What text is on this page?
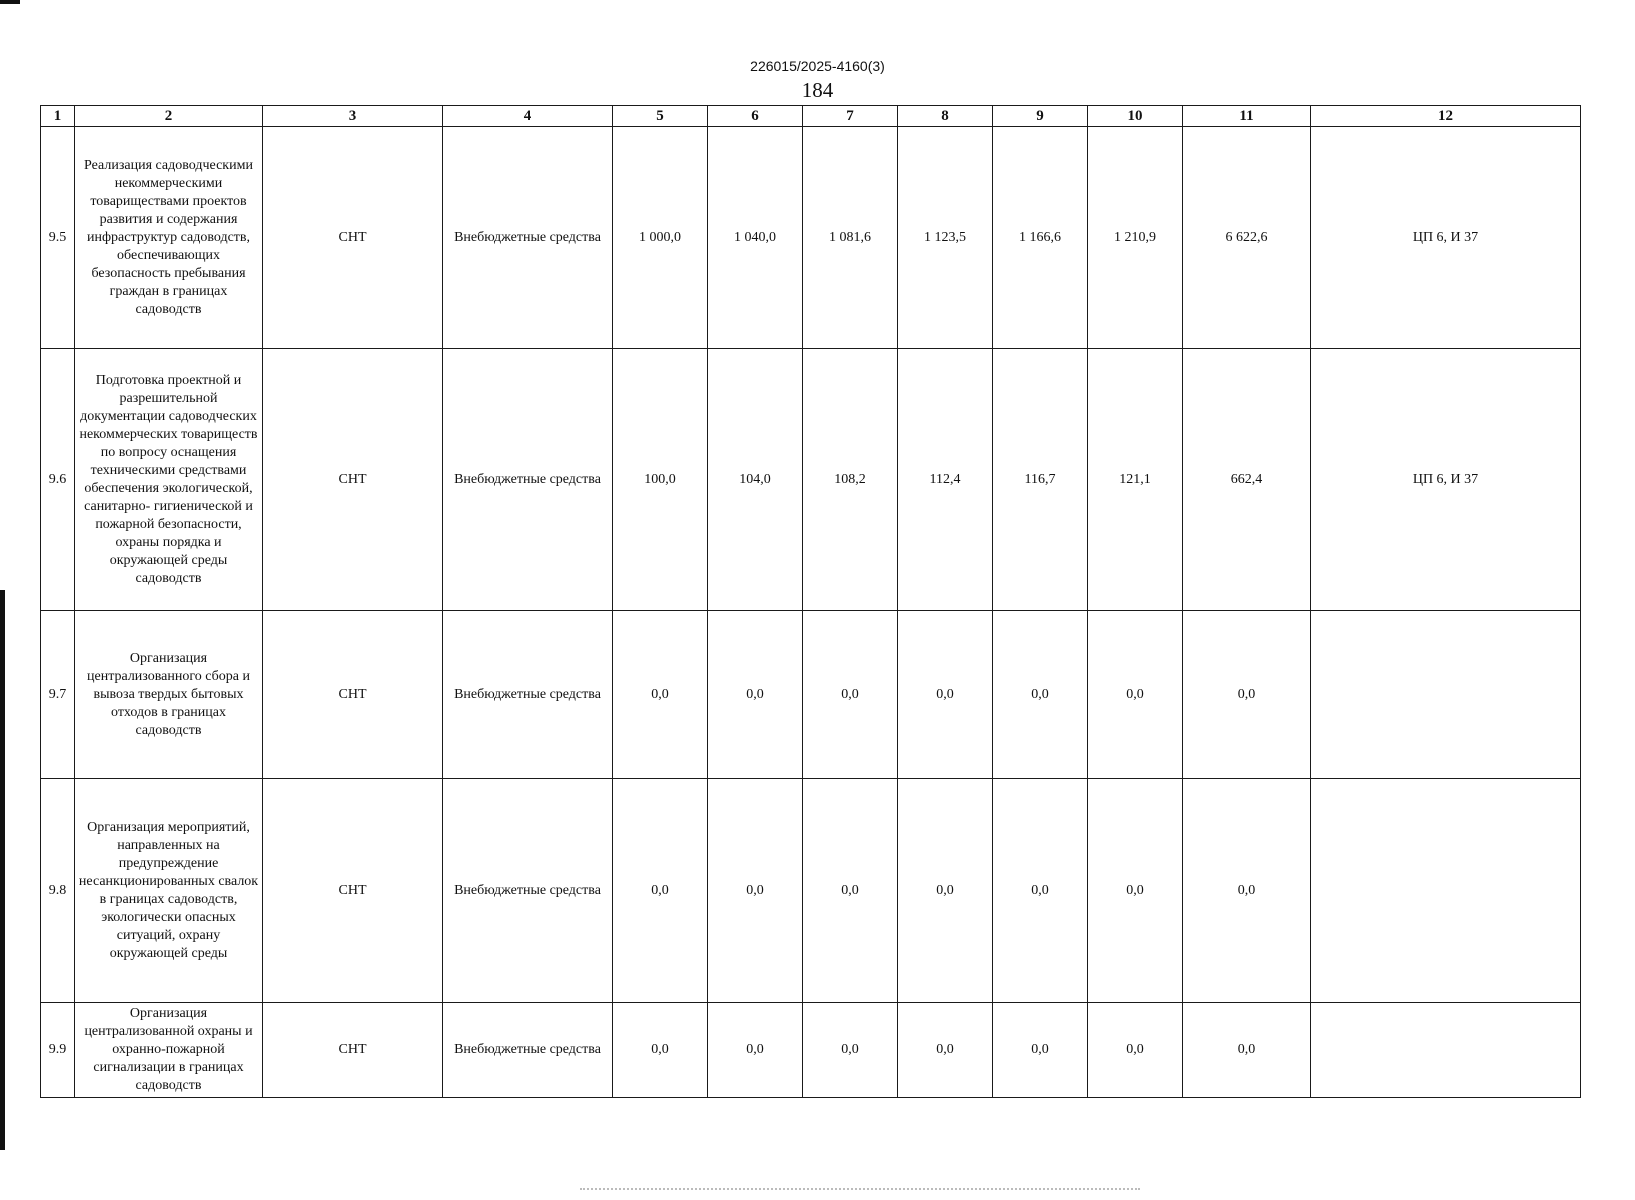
226015/2025-4160(3)
184
1	2	3	4	5	6	7	8	9	10	11	12
9.5	Реализация садоводческими некоммерческими товариществами проектов развития и содержания инфраструктур садоводств, обеспечивающих безопасность пребывания граждан в границах садоводств	СНТ	Внебюджетные средства	1 000,0	1 040,0	1 081,6	1 123,5	1 166,6	1 210,9	6 622,6	ЦП 6, И 37
9.6	Подготовка проектной и разрешительной документации садоводческих некоммерческих товариществ по вопросу оснащения техническими средствами обеспечения экологической, санитарно- гигиенической и пожарной безопасности, охраны порядка и окружающей среды садоводств	СНТ	Внебюджетные средства	100,0	104,0	108,2	112,4	116,7	121,1	662,4	ЦП 6, И 37
9.7	Организация централизованного сбора и вывоза твердых бытовых отходов в границах садоводств	СНТ	Внебюджетные средства	0,0	0,0	0,0	0,0	0,0	0,0	0,0	
9.8	Организация мероприятий, направленных на предупреждение несанкционированных свалок в границах садоводств, экологически опасных ситуаций, охрану окружающей среды	СНТ	Внебюджетные средства	0,0	0,0	0,0	0,0	0,0	0,0	0,0	
9.9	Организация централизованной охраны и охранно-пожарной сигнализации в границах садоводств	СНТ	Внебюджетные средства	0,0	0,0	0,0	0,0	0,0	0,0	0,0	
